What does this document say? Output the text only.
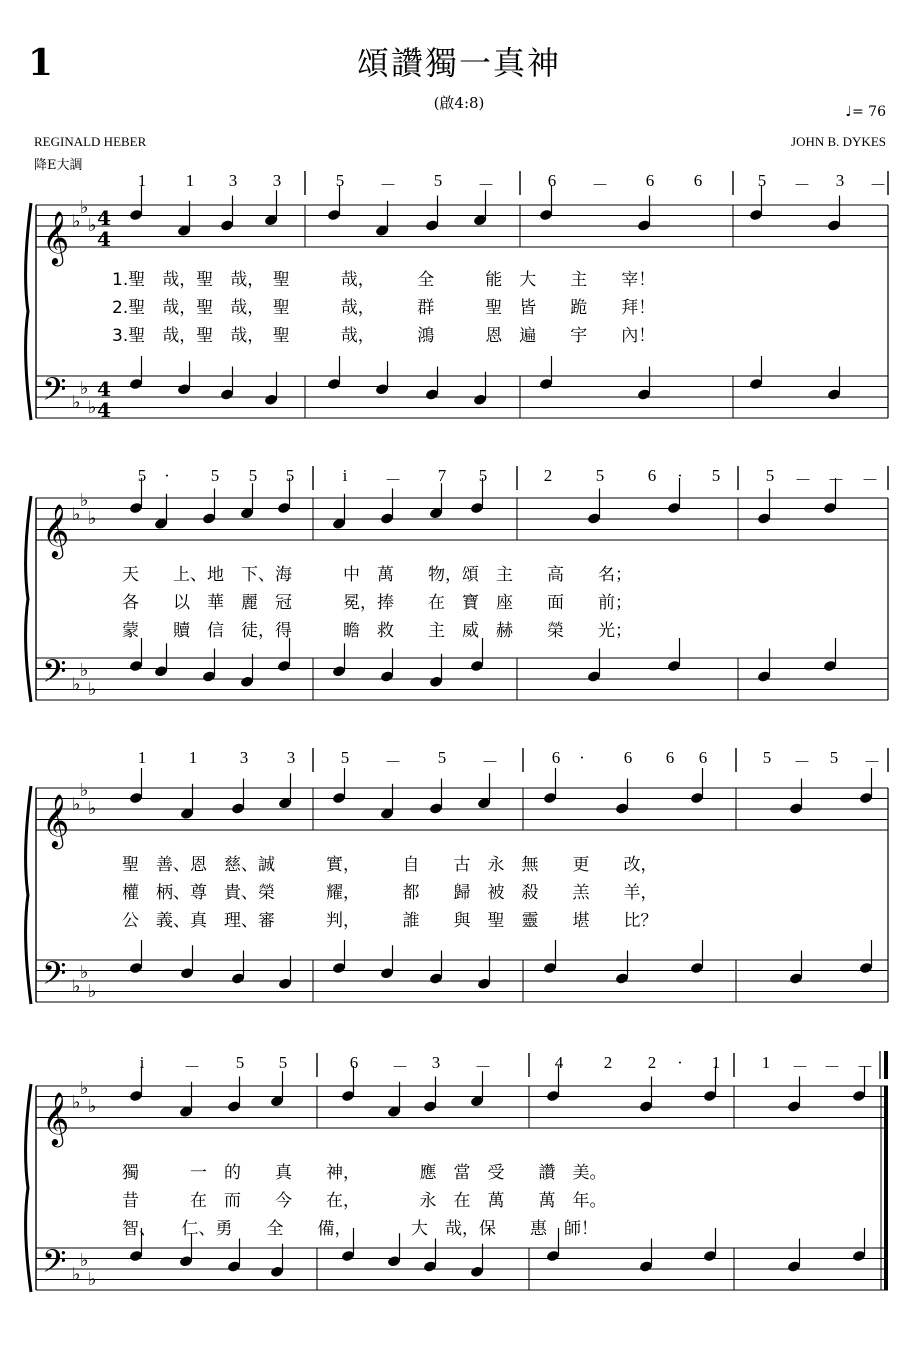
1	頌讚獨一真神
(啟4:8)	♩= 76
REGINALD HEBER	JOHN B. DYKES
降E大調
𝄞
𝄢
♭
♭
♭
♭
♭
♭
4
4
4
4
𝄞
𝄢
♭
♭
♭
♭
♭
♭
𝄞
𝄢
♭
♭
♭
♭
♭
♭
𝄞
𝄢
♭
♭
♭
♭
♭
♭
1	1	3	3	5	－	5	－	6	－	6	6	5	－	3	－
5	·	5	5	5	i	－	7	5	2	5	6	·	5	5	－ － －
1	1	3	3	5	－	5	－	6	·	6	6	6	5	－	5	－
i	－	5	5	6	－	3	－	4	2	2	·	1	1	－ － －
1.聖　哉，聖　哉，　聖　　　哉，　　　全　　　能　大　　主　　宰！
2.聖　哉，聖　哉，　聖　　　哉，　　　群　　　聖　皆　　跪　　拜！
3.聖　哉，聖　哉，　聖　　　哉，　　　鴻　　　恩　遍　　宇　　內！
天　　上、地　下、海　　　中　萬　　物，頌　主　　高　　名；
各　　以　華　麗　冠　　　冕，捧　　在　寶　座　　面　　前；
蒙　　贖　信　徒，得　　　瞻　救　　主　威　赫　　榮　　光；
聖　善、恩　慈、誠　　　實，　　　自　　古　永　無　　更　　改，
權　柄、尊　貴、榮　　　耀，　　　都　　歸　被　殺　　羔　　羊，
公　義、真　理、審　　　判，　　　誰　　與　聖　靈　　堪　　比？
獨　　　一　的　　真　　神，　　　　應　當　受　　讚　美。
昔　　　在　而　　今　　在，　　　　永　在　萬　　萬　年。
智、　　仁、勇　　全　　備，　　　　大　哉，保　　惠　師！
